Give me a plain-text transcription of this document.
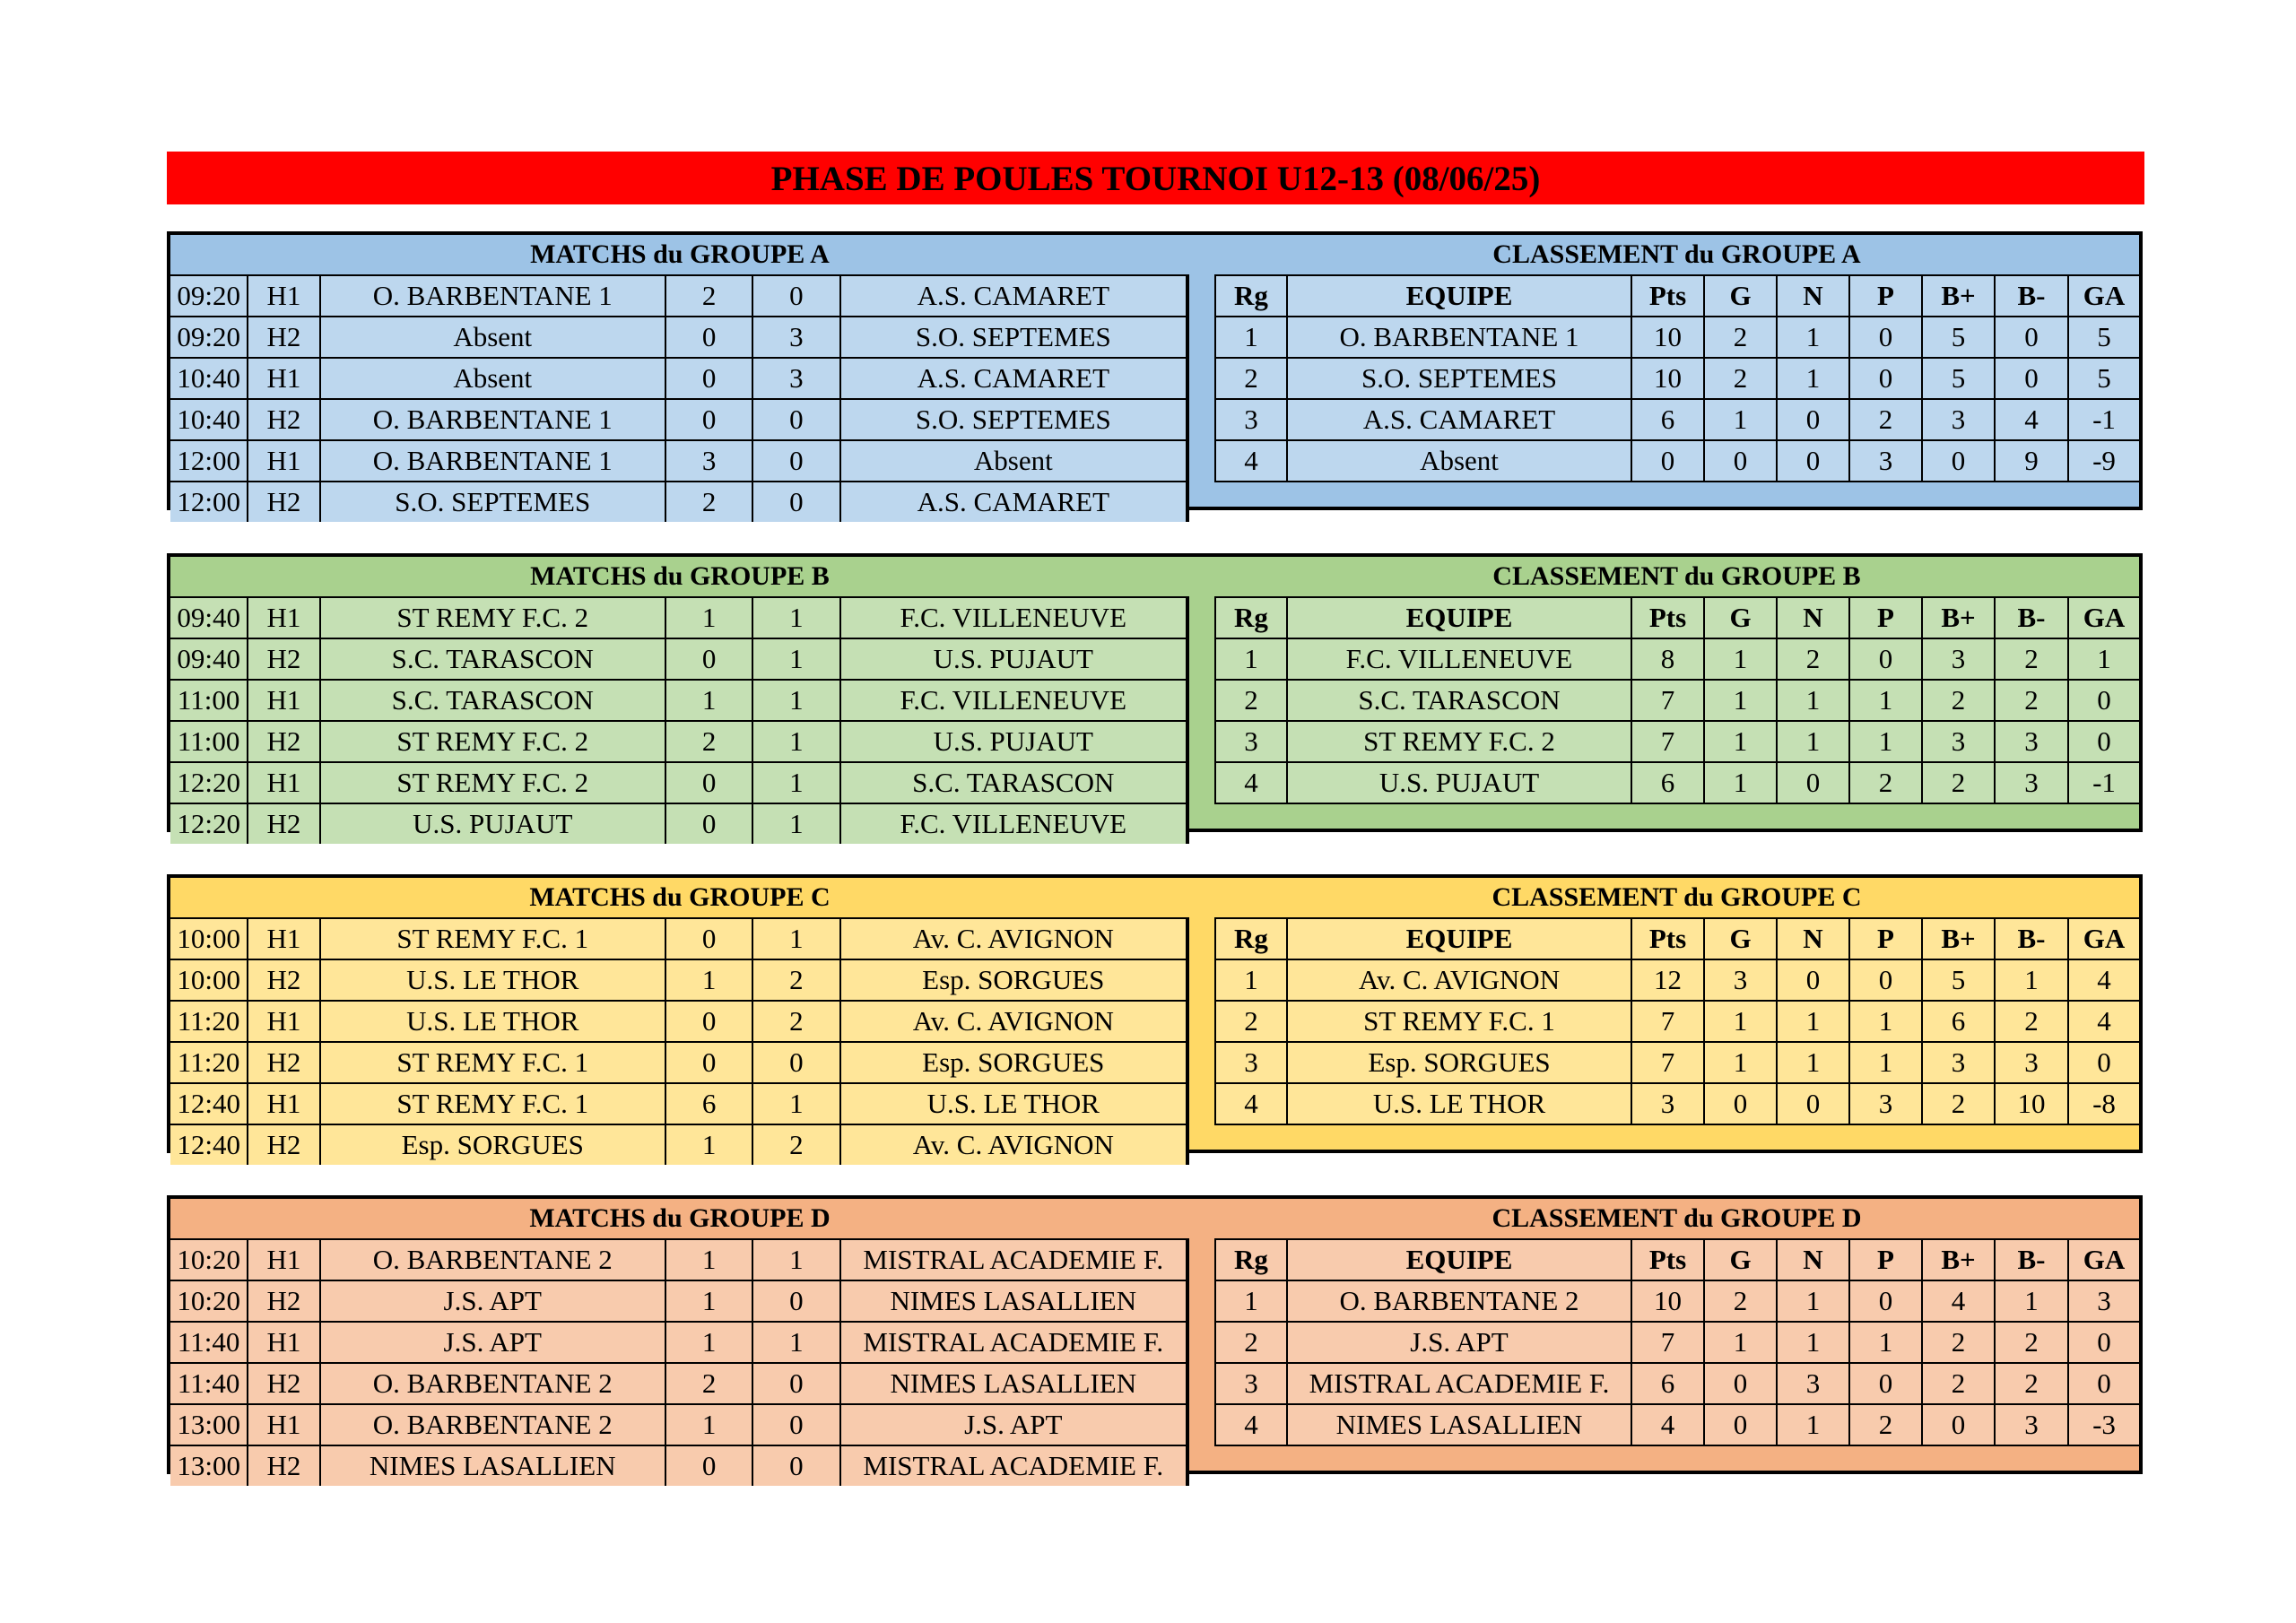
PHASE DE POULES TOURNOI U12-13 (08/06/25)
MATCHS du GROUPE A	CLASSEMENT du GROUPE A
09:20	H1	O. BARBENTANE 1	2	0	A.S. CAMARET
09:20	H2	Absent	0	3	S.O. SEPTEMES
10:40	H1	Absent	0	3	A.S. CAMARET
10:40	H2	O. BARBENTANE 1	0	0	S.O. SEPTEMES
12:00	H1	O. BARBENTANE 1	3	0	Absent
12:00	H2	S.O. SEPTEMES	2	0	A.S. CAMARET
Rg	EQUIPE	Pts	G	N	P	B+	B-	GA
1	O. BARBENTANE 1	10	2	1	0	5	0	5
2	S.O. SEPTEMES	10	2	1	0	5	0	5
3	A.S. CAMARET	6	1	0	2	3	4	-1
4	Absent	0	0	0	3	0	9	-9
MATCHS du GROUPE B	CLASSEMENT du GROUPE B
09:40	H1	ST REMY F.C. 2	1	1	F.C. VILLENEUVE
09:40	H2	S.C. TARASCON	0	1	U.S. PUJAUT
11:00	H1	S.C. TARASCON	1	1	F.C. VILLENEUVE
11:00	H2	ST REMY F.C. 2	2	1	U.S. PUJAUT
12:20	H1	ST REMY F.C. 2	0	1	S.C. TARASCON
12:20	H2	U.S. PUJAUT	0	1	F.C. VILLENEUVE
Rg	EQUIPE	Pts	G	N	P	B+	B-	GA
1	F.C. VILLENEUVE	8	1	2	0	3	2	1
2	S.C. TARASCON	7	1	1	1	2	2	0
3	ST REMY F.C. 2	7	1	1	1	3	3	0
4	U.S. PUJAUT	6	1	0	2	2	3	-1
MATCHS du GROUPE C	CLASSEMENT du GROUPE C
10:00	H1	ST REMY F.C. 1	0	1	Av. C. AVIGNON
10:00	H2	U.S. LE THOR	1	2	Esp. SORGUES
11:20	H1	U.S. LE THOR	0	2	Av. C. AVIGNON
11:20	H2	ST REMY F.C. 1	0	0	Esp. SORGUES
12:40	H1	ST REMY F.C. 1	6	1	U.S. LE THOR
12:40	H2	Esp. SORGUES	1	2	Av. C. AVIGNON
Rg	EQUIPE	Pts	G	N	P	B+	B-	GA
1	Av. C. AVIGNON	12	3	0	0	5	1	4
2	ST REMY F.C. 1	7	1	1	1	6	2	4
3	Esp. SORGUES	7	1	1	1	3	3	0
4	U.S. LE THOR	3	0	0	3	2	10	-8
MATCHS du GROUPE D	CLASSEMENT du GROUPE D
10:20	H1	O. BARBENTANE 2	1	1	MISTRAL ACADEMIE F.
10:20	H2	J.S. APT	1	0	NIMES LASALLIEN
11:40	H1	J.S. APT	1	1	MISTRAL ACADEMIE F.
11:40	H2	O. BARBENTANE 2	2	0	NIMES LASALLIEN
13:00	H1	O. BARBENTANE 2	1	0	J.S. APT
13:00	H2	NIMES LASALLIEN	0	0	MISTRAL ACADEMIE F.
Rg	EQUIPE	Pts	G	N	P	B+	B-	GA
1	O. BARBENTANE 2	10	2	1	0	4	1	3
2	J.S. APT	7	1	1	1	2	2	0
3	MISTRAL ACADEMIE F.	6	0	3	0	2	2	0
4	NIMES LASALLIEN	4	0	1	2	0	3	-3
